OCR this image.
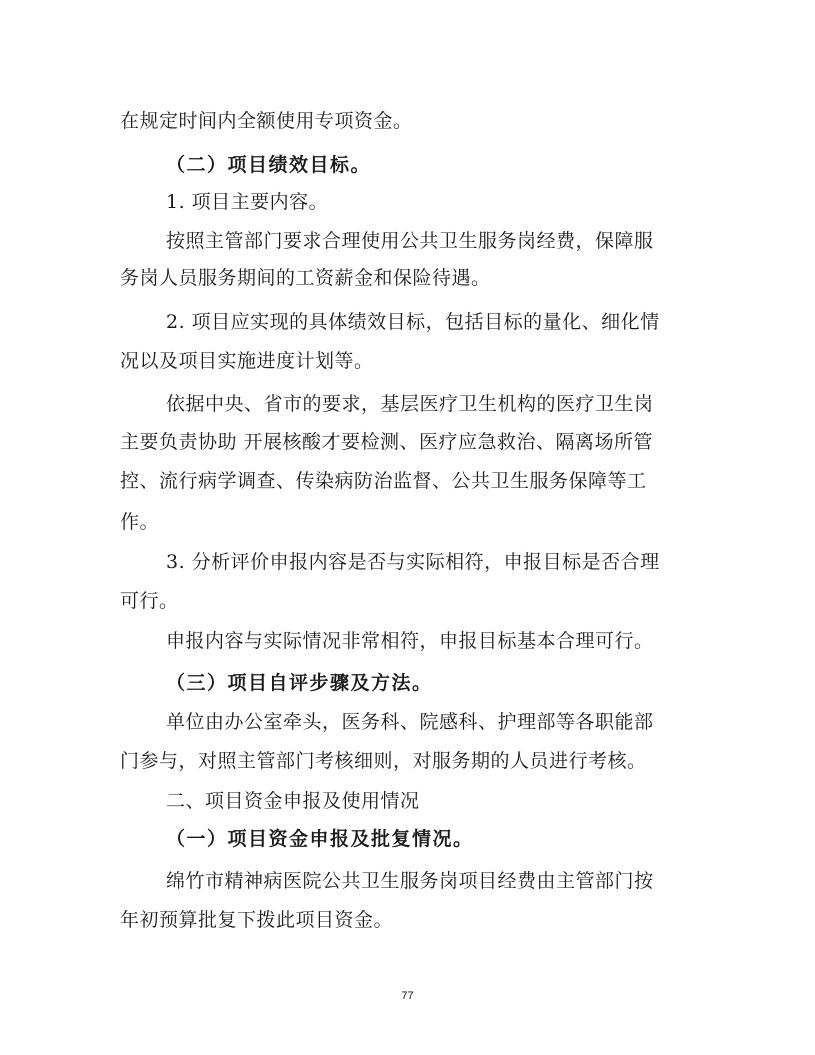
在规定时间内全额使用专项资金。
（二）项目绩效目标。
1. 项目主要内容。
按照主管部门要求合理使用公共卫生服务岗经费，保障服
务岗人员服务期间的工资薪金和保险待遇。
2. 项目应实现的具体绩效目标，包括目标的量化、细化情
况以及项目实施进度计划等。
依据中央、省市的要求，基层医疗卫生机构的医疗卫生岗
主要负责协助 开展核酸才要检测、医疗应急救治、隔离场所管
控、流行病学调查、传染病防治监督、公共卫生服务保障等工
作。
3. 分析评价申报内容是否与实际相符，申报目标是否合理
可行。
申报内容与实际情况非常相符，申报目标基本合理可行。
（三）项目自评步骤及方法。
单位由办公室牵头，医务科、院感科、护理部等各职能部
门参与，对照主管部门考核细则，对服务期的人员进行考核。
二、项目资金申报及使用情况
（一）项目资金申报及批复情况。
绵竹市精神病医院公共卫生服务岗项目经费由主管部门按
年初预算批复下拨此项目资金。
77
